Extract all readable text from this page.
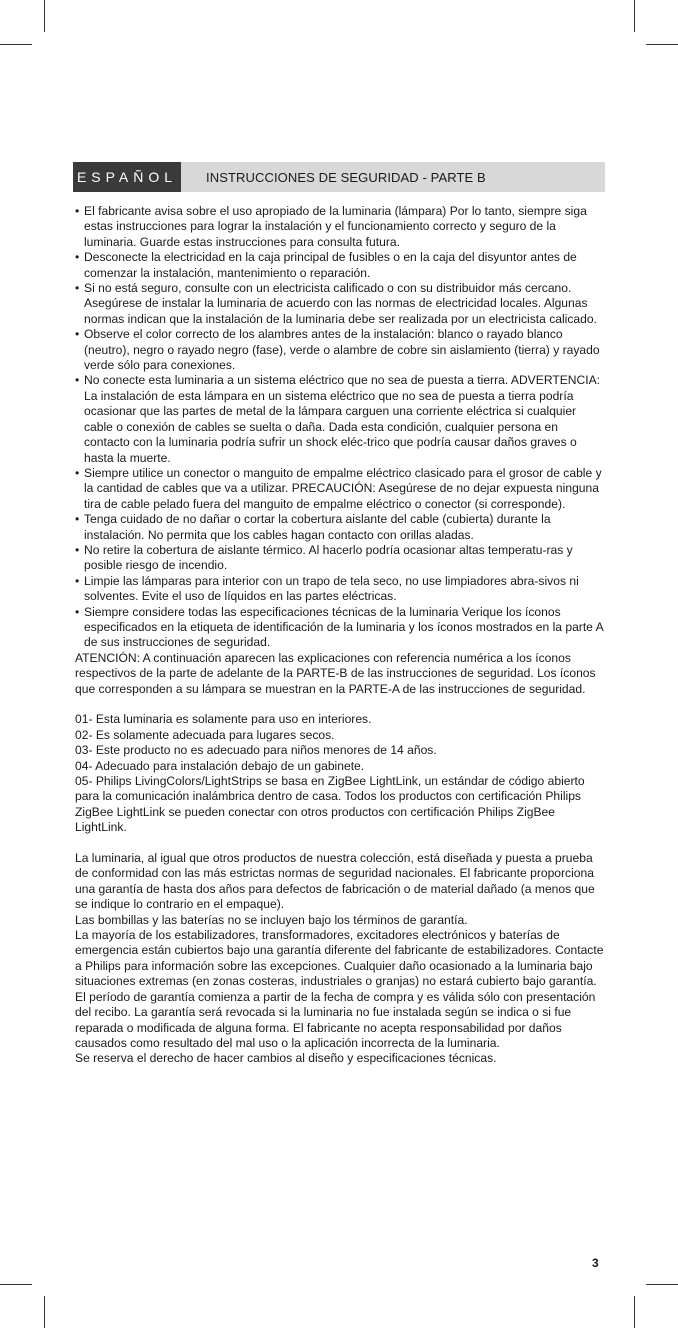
ESPAÑOL	INSTRUCCIONES DE SEGURIDAD - PARTE B
• El fabricante avisa sobre el uso apropiado de la luminaria (lámpara) Por lo tanto, siempre siga estas instrucciones para lograr la instalación y el funcionamiento correcto y seguro de la luminaria. Guarde estas instrucciones para consulta futura.
• Desconecte la electricidad en la caja principal de fusibles o en la caja del disyuntor antes de comenzar la instalación, mantenimiento o reparación.
• Si no está seguro, consulte con un electricista calificado o con su distribuidor más cercano. Asegúrese de instalar la luminaria de acuerdo con las normas de electricidad locales. Algunas normas indican que la instalación de la luminaria debe ser realizada por un electricista calicado.
• Observe el color correcto de los alambres antes de la instalación: blanco o rayado blanco (neutro), negro o rayado negro (fase), verde o alambre de cobre sin aislamiento (tierra) y rayado verde sólo para conexiones.
• No conecte esta luminaria a un sistema eléctrico que no sea de puesta a tierra. ADVERTENCIA: La instalación de esta lámpara en un sistema eléctrico que no sea de puesta a tierra podría ocasionar que las partes de metal de la lámpara carguen una corriente eléctrica si cualquier cable o conexión de cables se suelta o daña. Dada esta condición, cualquier persona en contacto con la luminaria podría sufrir un shock eléc-trico que podría causar daños graves o hasta la muerte.
• Siempre utilice un conector o manguito de empalme eléctrico clasicado para el grosor de cable y la cantidad de cables que va a utilizar. PRECAUCIÓN: Asegúrese de no dejar expuesta ninguna tira de cable pelado fuera del manguito de empalme eléctrico o conector (si corresponde).
• Tenga cuidado de no dañar o cortar la cobertura aislante del cable (cubierta) durante la instalación. No permita que los cables hagan contacto con orillas aladas.
• No retire la cobertura de aislante térmico. Al hacerlo podría ocasionar altas temperatu-ras y posible riesgo de incendio.
• Limpie las lámparas para interior con un trapo de tela seco, no use limpiadores abra-sivos ni solventes. Evite el uso de líquidos en las partes eléctricas.
• Siempre considere todas las especificaciones técnicas de la luminaria Verique los íconos especificados en la etiqueta de identificación de la luminaria y los íconos mostrados en la parte A de sus instrucciones de seguridad.

ATENCIÓN: A continuación aparecen las explicaciones con referencia numérica a los íconos respectivos de la parte de adelante de la PARTE-B de las instrucciones de seguridad. Los íconos que corresponden a su lámpara se muestran en la PARTE-A de las instrucciones de seguridad.

01- Esta luminaria es solamente para uso en interiores.

02- Es solamente adecuada para lugares secos.

03- Este producto no es adecuado para niños menores de 14 años.

04- Adecuado para instalación debajo de un gabinete.

05- Philips LivingColors/LightStrips se basa en ZigBee LightLink, un estándar de código abierto para la comunicación inalámbrica dentro de casa. Todos los productos con certificación Philips ZigBee LightLink se pueden conectar con otros productos con certificación Philips ZigBee LightLink.

La luminaria, al igual que otros productos de nuestra colección, está diseñada y puesta a prueba de conformidad con las más estrictas normas de seguridad nacionales. El fabricante proporciona una garantía de hasta dos años para defectos de fabricación o de material dañado (a menos que se indique lo contrario en el empaque).

Las bombillas y las baterías no se incluyen bajo los términos de garantía.

La mayoría de los estabilizadores, transformadores, excitadores electrónicos y baterías de emergencia están cubiertos bajo una garantía diferente del fabricante de estabilizadores. Contacte a Philips para información sobre las excepciones. Cualquier daño ocasionado a la luminaria bajo situaciones extremas (en zonas costeras, industriales o granjas) no estará cubierto bajo garantía. El período de garantía comienza a partir de la fecha de compra y es válida sólo con presentación del recibo. La garantía será revocada si la luminaria no fue instalada según se indica o si fue reparada o modificada de alguna forma. El fabricante no acepta responsabilidad por daños causados como resultado del mal uso o la aplicación incorrecta de la luminaria.

Se reserva el derecho de hacer cambios al diseño y especificaciones técnicas.

3
